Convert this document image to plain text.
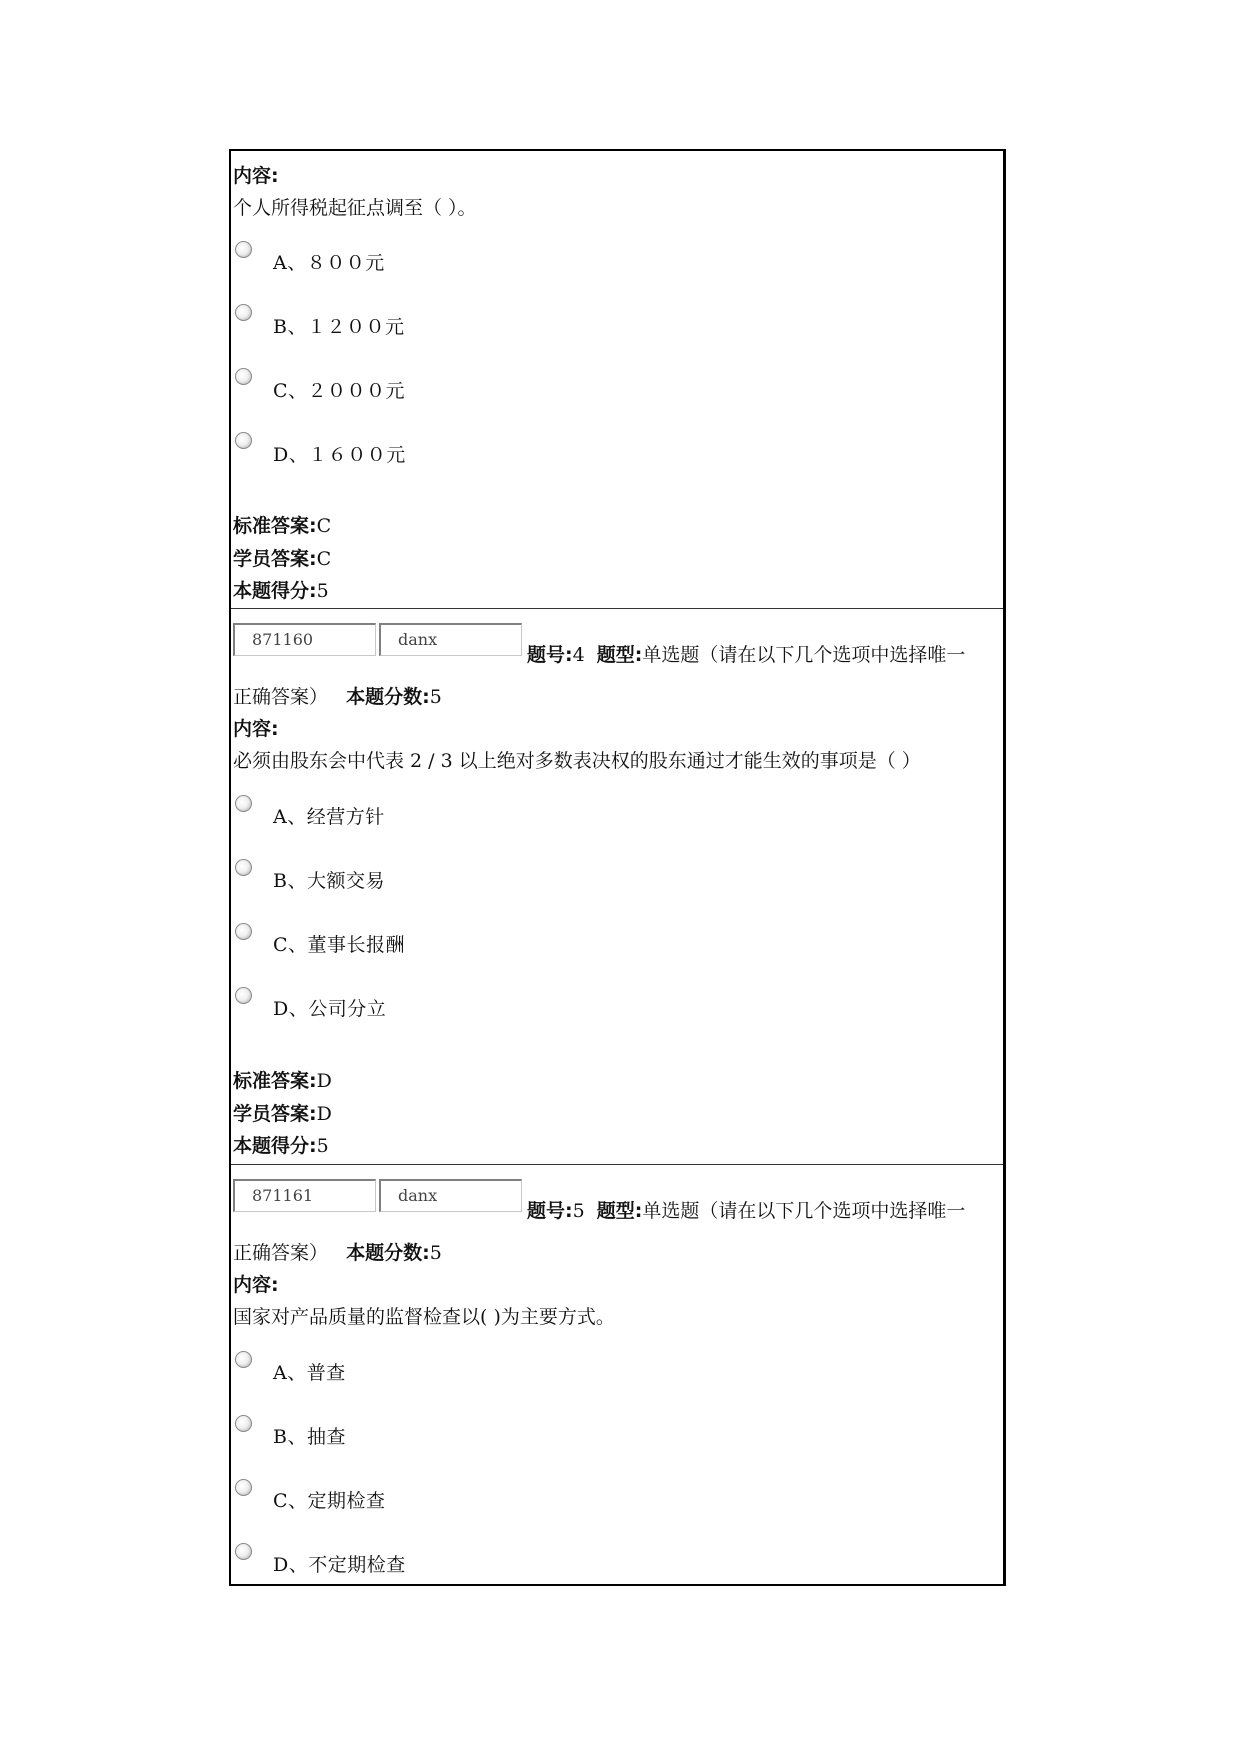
内容:
个人所得税起征点调至（ ）。
A、８００元
B、１２００元
C、２０００元
D、１６００元
标准答案:C
学员答案:C
本题得分:5
871160	danx
题号:4 题型:单选题（请在以下几个选项中选择唯一
正确答案） 本题分数:5
内容:
必须由股东会中代表 2 / 3 以上绝对多数表决权的股东通过才能生效的事项是（ ）
A、经营方针
B、大额交易
C、董事长报酬
D、公司分立
标准答案:D
学员答案:D
本题得分:5
871161	danx
题号:5 题型:单选题（请在以下几个选项中选择唯一
正确答案） 本题分数:5
内容:
国家对产品质量的监督检查以( )为主要方式。
A、普查
B、抽查
C、定期检查
D、不定期检查
